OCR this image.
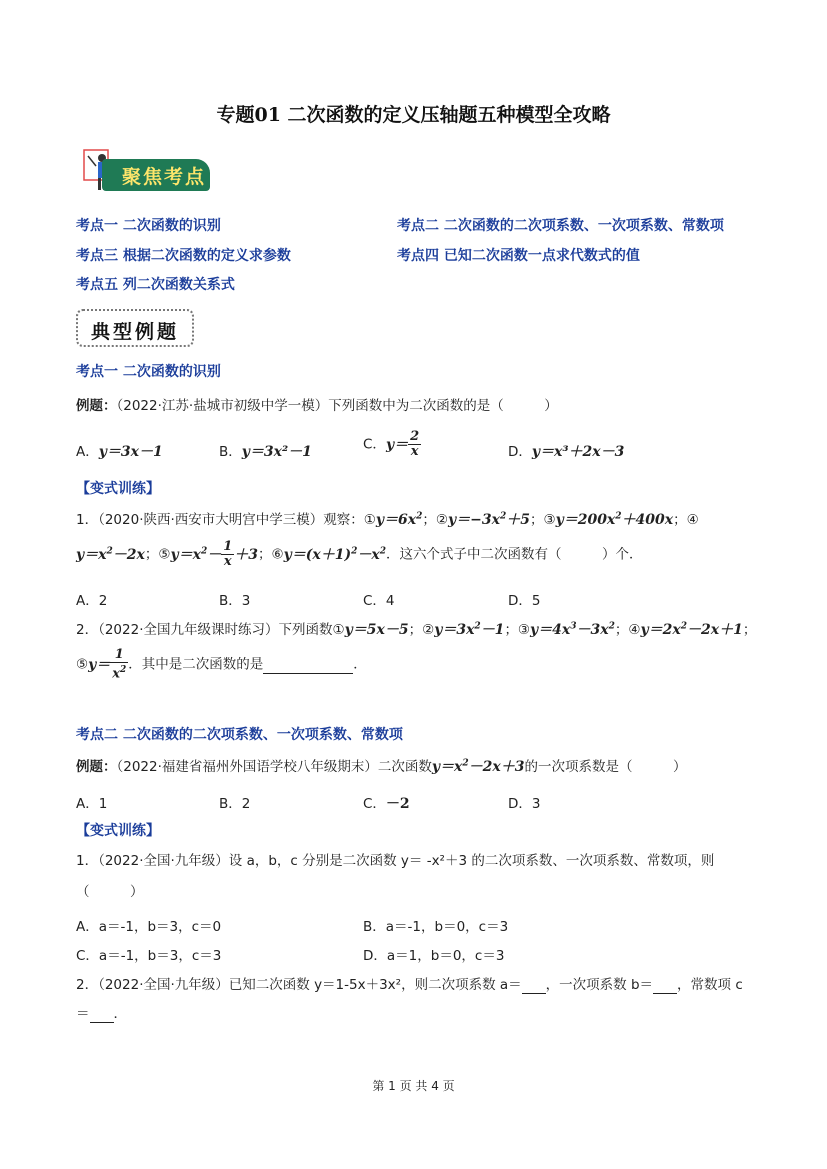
专题01 二次函数的定义压轴题五种模型全攻略
聚焦考点
考点一 二次函数的识别	考点二 二次函数的二次项系数、一次项系数、常数项
考点三 根据二次函数的定义求参数	考点四 已知二次函数一点求代数式的值
考点五 列二次函数关系式
典型例题
考点一 二次函数的识别
例题：（2022·江苏·盐城市初级中学一模）下列函数中为二次函数的是（　　　）
A．y＝3x－1	B．y＝3x²－1	C．$y= \frac{2}{x}$	D．y＝x³＋2x－3
【变式训练】
1．（2020·陕西·西安市大明宫中学三模）观察：$①y=6x^2$；$②y=-3x^2+5$；$③y=200x^2+400x$；④
$y=x^2-2x$；$⑤y=x^2- \frac{1}{x} +3$；$⑥y=(x+1)^2-x^2$．这六个式子中二次函数有（　　　）个．
A．2	B．3	C．4	D．5
2．（2022·全国九年级课时练习）下列函数①y＝5x－5；$②y=3x^2-1$；$③y=4x^3-3x^2$；$④y=2x^2-2x+1$；
⑤y＝ $\frac{1}{x^2}$ ．其中是二次函数的是	．
考点二 二次函数的二次项系数、一次项系数、常数项
例题：（2022·福建省福州外国语学校八年级期末）二次函数$y=x^2-2x+3$的一次项系数是（　　　）
A．1	B．2	C．－2	D．3
【变式训练】
1．（2022·全国·九年级）设 a，b，c 分别是二次函数 y＝ -x²＋3 的二次项系数、一次项系数、常数项，则
（　　　）
A．a＝-1，b＝3，c＝0	B．a＝-1，b＝0，c＝3
C．a＝-1，b＝3，c＝3	D．a＝1，b＝0，c＝3
2．（2022·全国·九年级）已知二次函数 y＝1-5x＋3x²，则二次项系数 a＝ ，一次项系数 b＝ ，常数项 c
＝ ．
第 1 页 共 4 页
